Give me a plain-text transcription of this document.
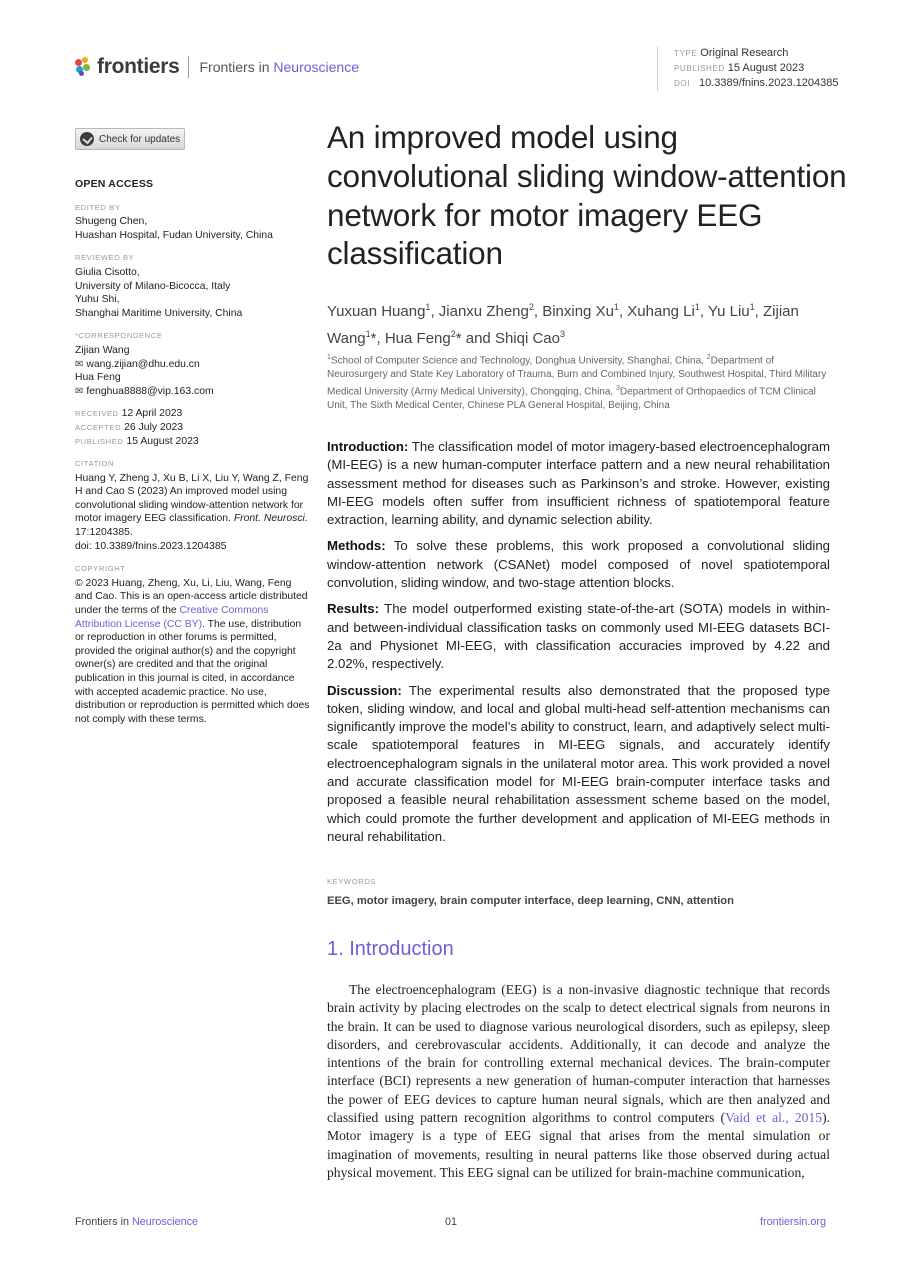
frontiers Frontiers in Neuroscience
TYPE Original Research
PUBLISHED 15 August 2023
DOI 10.3389/fnins.2023.1204385
Check for updates
OPEN ACCESS
EDITED BY
Shugeng Chen,
Huashan Hospital, Fudan University, China
REVIEWED BY
Giulia Cisotto,
University of Milano-Bicocca, Italy
Yuhu Shi,
Shanghai Maritime University, China
*CORRESPONDENCE
Zijian Wang
✉ wang.zijian@dhu.edu.cn
Hua Feng
✉ fenghua8888@vip.163.com
RECEIVED 12 April 2023
ACCEPTED 26 July 2023
PUBLISHED 15 August 2023
CITATION
Huang Y, Zheng J, Xu B, Li X, Liu Y, Wang Z, Feng H and Cao S (2023) An improved model using convolutional sliding window-attention network for motor imagery EEG classification. Front. Neurosci. 17:1204385.
doi: 10.3389/fnins.2023.1204385
COPYRIGHT
© 2023 Huang, Zheng, Xu, Li, Liu, Wang, Feng and Cao. This is an open-access article distributed under the terms of the Creative Commons Attribution License (CC BY). The use, distribution or reproduction in other forums is permitted, provided the original author(s) and the copyright owner(s) are credited and that the original publication in this journal is cited, in accordance with accepted academic practice. No use, distribution or reproduction is permitted which does not comply with these terms.
An improved model using convolutional sliding window-attention network for motor imagery EEG classification
Yuxuan Huang$^1$, Jianxu Zheng$^2$, Binxing Xu$^1$, Xuhang Li$^1$, Yu Liu$^1$, Zijian Wang$^1$*, Hua Feng$^2$* and Shiqi Cao$^3$
$^1$School of Computer Science and Technology, Donghua University, Shanghai, China, $^2$Department of Neurosurgery and State Key Laboratory of Trauma, Burn and Combined Injury, Southwest Hospital, Third Military Medical University (Army Medical University), Chongqing, China, $^3$Department of Orthopaedics of TCM Clinical Unit, The Sixth Medical Center, Chinese PLA General Hospital, Beijing, China

Introduction: The classification model of motor imagery-based electroencephalogram (MI-EEG) is a new human-computer interface pattern and a new neural rehabilitation assessment method for diseases such as Parkinson’s and stroke. However, existing MI-EEG models often suffer from insufficient richness of spatiotemporal feature extraction, learning ability, and dynamic selection ability.

Methods: To solve these problems, this work proposed a convolutional sliding window-attention network (CSANet) model composed of novel spatiotemporal convolution, sliding window, and two-stage attention blocks.

Results: The model outperformed existing state-of-the-art (SOTA) models in within- and between-individual classification tasks on commonly used MI-EEG datasets BCI-2a and Physionet MI-EEG, with classification accuracies improved by 4.22 and 2.02%, respectively.

Discussion: The experimental results also demonstrated that the proposed type token, sliding window, and local and global multi-head self-attention mechanisms can significantly improve the model’s ability to construct, learn, and adaptively select multi-scale spatiotemporal features in MI-EEG signals, and accurately identify electroencephalogram signals in the unilateral motor area. This work provided a novel and accurate classification model for MI-EEG brain-computer interface tasks and proposed a feasible neural rehabilitation assessment scheme based on the model, which could promote the further development and application of MI-EEG methods in neural rehabilitation.

KEYWORDS
EEG, motor imagery, brain computer interface, deep learning, CNN, attention
1. Introduction

The electroencephalogram (EEG) is a non-invasive diagnostic technique that records brain activity by placing electrodes on the scalp to detect electrical signals from neurons in the brain. It can be used to diagnose various neurological disorders, such as epilepsy, sleep disorders, and cerebrovascular accidents. Additionally, it can decode and analyze the intentions of the brain for controlling external mechanical devices. The brain-computer interface (BCI) represents a new generation of human-computer interaction that harnesses the power of EEG devices to capture human neural signals, which are then analyzed and classified using pattern recognition algorithms to control computers (Vaid et al., 2015). Motor imagery is a type of EEG signal that arises from the mental simulation or imagination of movements, resulting in neural patterns like those observed during actual physical movement. This EEG signal can be utilized for brain-machine communication,

Frontiers in Neuroscience	01	frontiersin.org
